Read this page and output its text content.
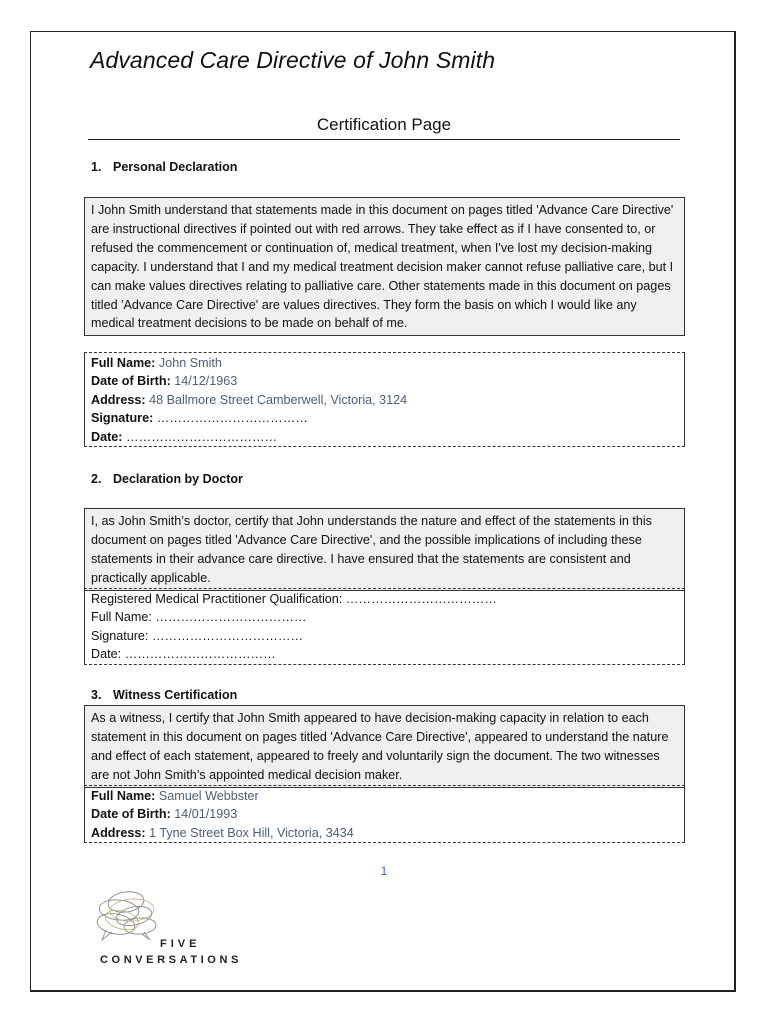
Advanced Care Directive of John Smith
Certification Page
1. Personal Declaration
I John Smith understand that statements made in this document on pages titled 'Advance Care Directive' are instructional directives if pointed out with red arrows. They take effect as if I have consented to, or refused the commencement or continuation of, medical treatment, when I've lost my decision-making capacity. I understand that I and my medical treatment decision maker cannot refuse palliative care, but I can make values directives relating to palliative care. Other statements made in this document on pages titled 'Advance Care Directive' are values directives. They form the basis on which I would like any medical treatment decisions to be made on behalf of me.
Full Name: John Smith
Date of Birth: 14/12/1963
Address: 48 Ballmore Street Camberwell, Victoria, 3124
Signature: ………………………………
Date: ………………………………
2. Declaration by Doctor
I, as John Smith’s doctor, certify that John understands the nature and effect of the statements in this document on pages titled 'Advance Care Directive', and the possible implications of including these statements in their advance care directive. I have ensured that the statements are consistent and practically applicable.
Registered Medical Practitioner Qualification: ………………………………
Full Name: ………………………………
Signature: ………………………………
Date: ………………………………
3. Witness Certification
As a witness, I certify that John Smith appeared to have decision-making capacity in relation to each statement in this document on pages titled 'Advance Care Directive', appeared to understand the nature and effect of each statement, appeared to freely and voluntarily sign the document. The two witnesses are not John Smith’s appointed medical decision maker.
Full Name: Samuel Webbster
Date of Birth: 14/01/1993
Address: 1 Tyne Street Box Hill, Victoria, 3434
1
FIVE
CONVERSATIONS
